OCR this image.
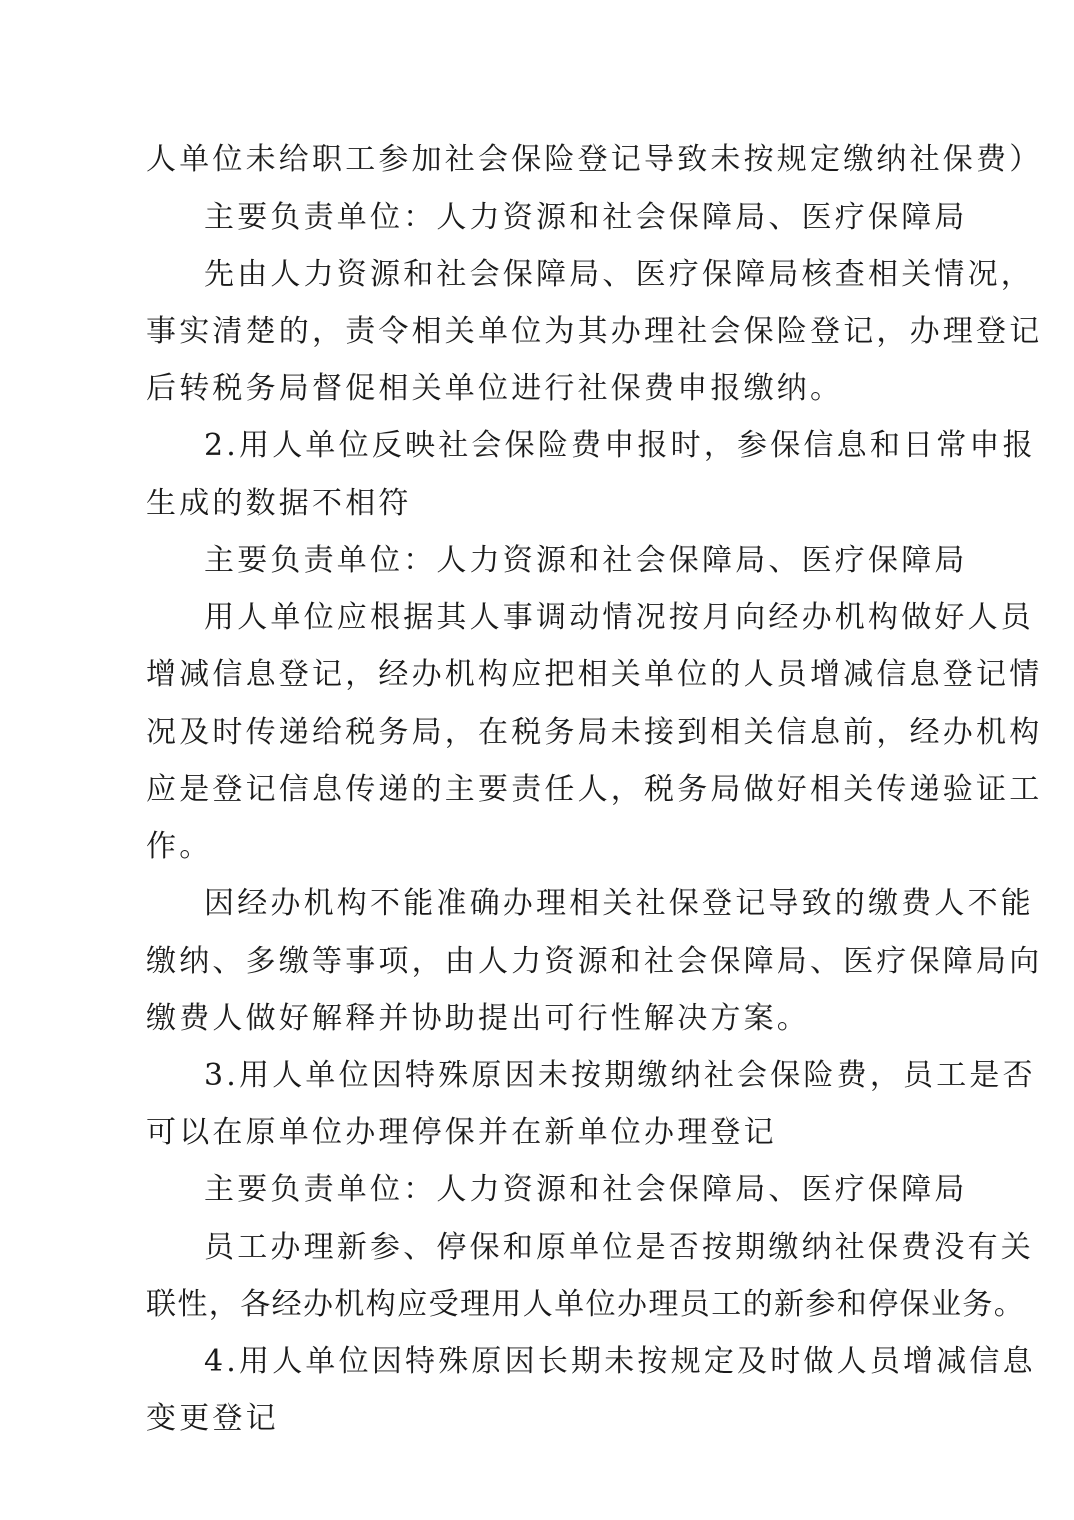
人单位未给职工参加社会保险登记导致未按规定缴纳社保费）
主要负责单位：人力资源和社会保障局、医疗保障局
先由人力资源和社会保障局、医疗保障局核查相关情况，
事实清楚的，责令相关单位为其办理社会保险登记，办理登记
后转税务局督促相关单位进行社保费申报缴纳。
2.用人单位反映社会保险费申报时，参保信息和日常申报
生成的数据不相符
主要负责单位：人力资源和社会保障局、医疗保障局
用人单位应根据其人事调动情况按月向经办机构做好人员
增减信息登记，经办机构应把相关单位的人员增减信息登记情
况及时传递给税务局，在税务局未接到相关信息前，经办机构
应是登记信息传递的主要责任人，税务局做好相关传递验证工
作。
因经办机构不能准确办理相关社保登记导致的缴费人不能
缴纳、多缴等事项，由人力资源和社会保障局、医疗保障局向
缴费人做好解释并协助提出可行性解决方案。
3.用人单位因特殊原因未按期缴纳社会保险费，员工是否
可以在原单位办理停保并在新单位办理登记
主要负责单位：人力资源和社会保障局、医疗保障局
员工办理新参、停保和原单位是否按期缴纳社保费没有关
联性，各经办机构应受理用人单位办理员工的新参和停保业务。
4.用人单位因特殊原因长期未按规定及时做人员增减信息
变更登记
